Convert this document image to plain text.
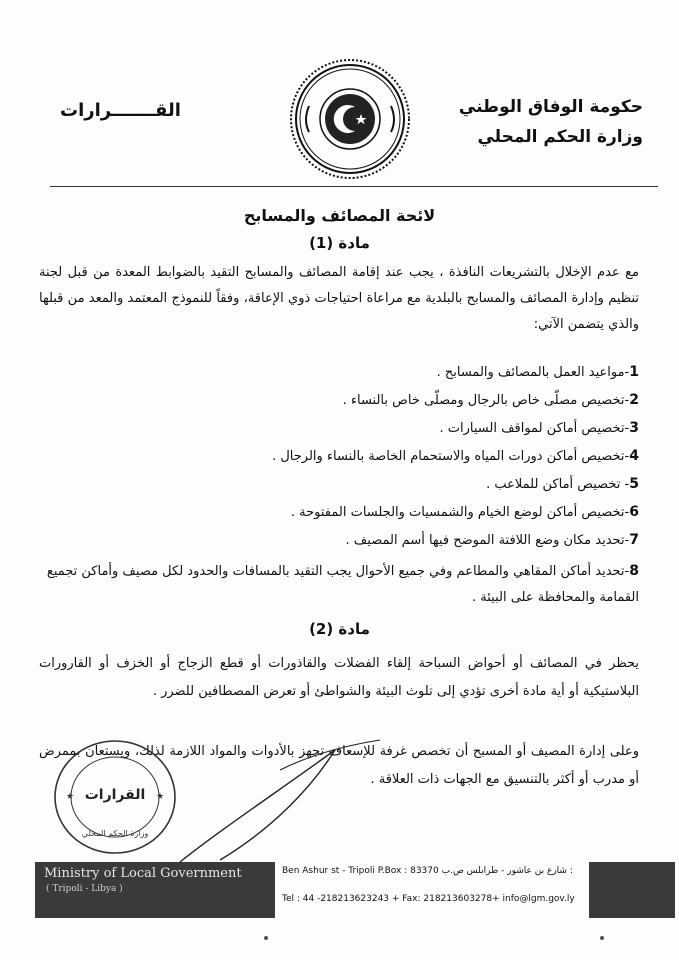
حكومة الوفاق الوطني
وزارة الحكم المحلي
القـــــــرارات
لائحة المصائف والمسابح
مادة (1)
مع عدم الإخلال بالتشريعات النافذة ، يجب عند إقامة المصائف والمسابح التقيد بالضوابط المعدة من قبل لجنة تنظيم وإدارة المصائف والمسابح بالبلدية مع مراعاة احتياجات ذوي الإعاقة، وفقاً للنموذج المعتمد والمعد من قبلها والذي يتضمن الآتي:
1-مواعيد العمل بالمصائف والمسابح .
2-تخصيص مصلّى خاص بالرجال ومصلّى خاص بالنساء .
3-تخصيص أماكن لمواقف السيارات .
4-تخصيص أماكن دورات المياه والاستحمام الخاصة بالنساء والرجال .
5- تخصيص أماكن للملاعب .
6-تخصيص أماكن لوضع الخيام والشمسيات والجلسات المفتوحة .
7-تحديد مكان وضع اللافتة الموضح فيها أسم المصيف .
8-تحديد أماكن المقاهي والمطاعم وفي جميع الأحوال يجب التقيد بالمسافات والحدود لكل مصيف وأماكن تجميع القمامة والمحافظة على البيئة .
مادة (2)
يحظر في المصائف أو أحواض السباحة إلقاء الفضلات والقاذورات أو قطع الزجاج أو الخزف أو القارورات البلاستيكية أو أية مادة أخرى تؤدي إلى تلوث البيئة والشواطئ أو تعرض المصطافين للضرر .
وعلى إدارة المصيف أو المسبح أن تخصص غرفة للإسعاف تجهز بالأدوات والمواد اللازمة لذلك، ويستعان بممرض أو مدرب أو أكثر بالتنسيق مع الجهات ذات العلاقة .
★	★
القرارات
وزارة الحكم المحلي
Ministry of Local Government
( Tripoli - Libya )
Ben Ashur st - Tripoli P.Box : 83370 شارع بن عاشور - طرابلس ص.ب :
Tel : 44 -218213623243 + Fax: 218213603278+ info@lgm.gov.ly
